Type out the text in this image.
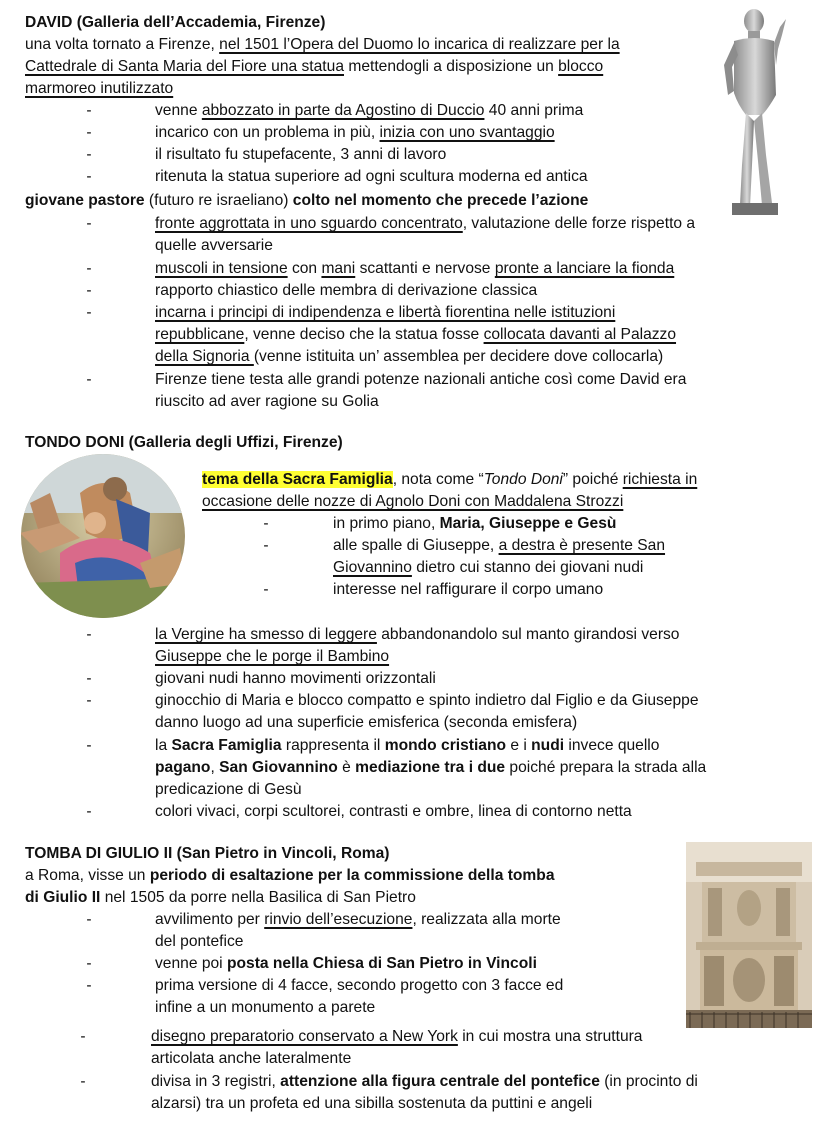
DAVID (Galleria dell’Accademia, Firenze)
una volta tornato a Firenze, nel 1501 l’Opera del Duomo lo incarica di realizzare per la
Cattedrale di Santa Maria del Fiore una statua mettendogli a disposizione un blocco
marmoreo inutilizzato
-	venne abbozzato in parte da Agostino di Duccio 40 anni prima
-	incarico con un problema in più, inizia con uno svantaggio
-	il risultato fu stupefacente, 3 anni di lavoro
-	ritenuta la statua superiore ad ogni scultura moderna ed antica
giovane pastore (futuro re israeliano) colto nel momento che precede l’azione
-	fronte aggrottata in uno sguardo concentrato, valutazione delle forze rispetto a
quelle avversarie
-	muscoli in tensione con mani scattanti e nervose pronte a lanciare la fionda
-	rapporto chiastico delle membra di derivazione classica
-	incarna i principi di indipendenza e libertà fiorentina nelle istituzioni
repubblicane, venne deciso che la statua fosse collocata davanti al Palazzo
della Signoria (venne istituita un’ assemblea per decidere dove collocarla)
-	Firenze tiene testa alle grandi potenze nazionali antiche così come David era
riuscito ad aver ragione su Golia
TONDO DONI (Galleria degli Uffizi, Firenze)
tema della Sacra Famiglia, nota come “Tondo Doni” poiché richiesta in
occasione delle nozze di Agnolo Doni con Maddalena Strozzi
-	in primo piano, Maria, Giuseppe e Gesù
-	alle spalle di Giuseppe, a destra è presente San
Giovannino dietro cui stanno dei giovani nudi
-	interesse nel raffigurare il corpo umano
-	la Vergine ha smesso di leggere abbandonandolo sul manto girandosi verso
Giuseppe che le porge il Bambino
-	giovani nudi hanno movimenti orizzontali
-	ginocchio di Maria e blocco compatto e spinto indietro dal Figlio e da Giuseppe
danno luogo ad una superficie emisferica (seconda emisfera)
-	la Sacra Famiglia rappresenta il mondo cristiano e i nudi invece quello
pagano, San Giovannino è mediazione tra i due poiché prepara la strada alla
predicazione di Gesù
-	colori vivaci, corpi scultorei, contrasti e ombre, linea di contorno netta
TOMBA DI GIULIO II (San Pietro in Vincoli, Roma)
a Roma, visse un periodo di esaltazione per la commissione della tomba
di Giulio II nel 1505 da porre nella Basilica di San Pietro
-	avvilimento per rinvio dell’esecuzione, realizzata alla morte
del pontefice
-	venne poi posta nella Chiesa di San Pietro in Vincoli
-	prima versione di 4 facce, secondo progetto con 3 facce ed
infine a un monumento a parete
-	disegno preparatorio conservato a New York in cui mostra una struttura
articolata anche lateralmente
-	divisa in 3 registri, attenzione alla figura centrale del pontefice (in procinto di
alzarsi) tra un profeta ed una sibilla sostenuta da puttini e angeli
